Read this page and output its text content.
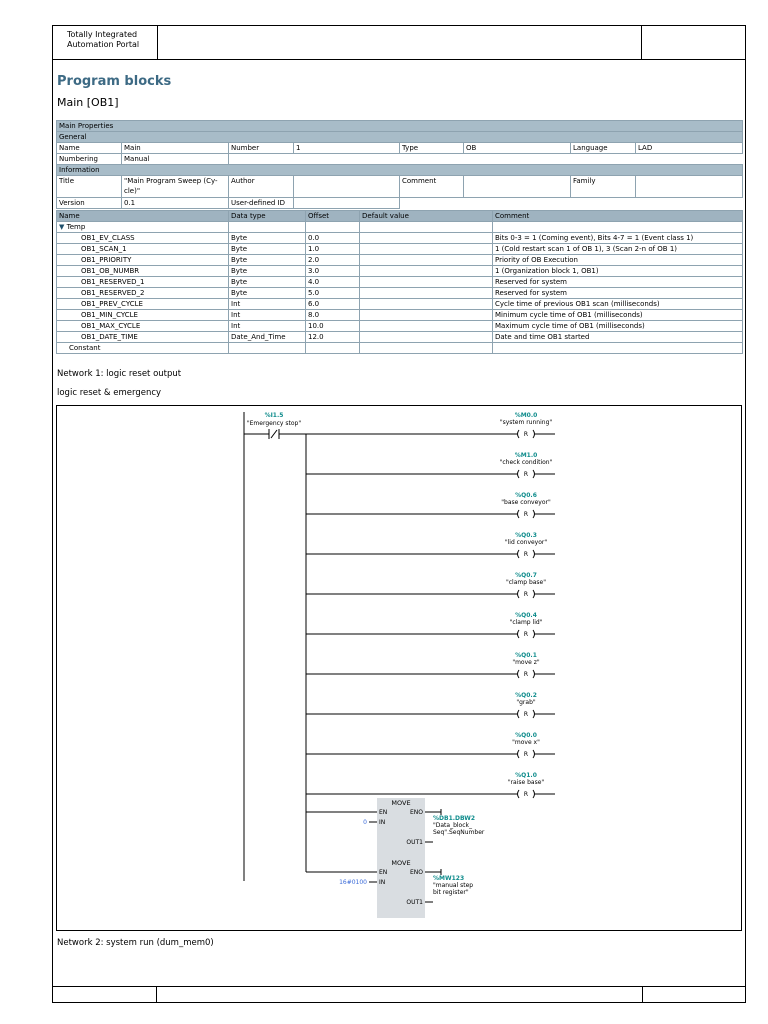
Totally Integrated
Automation Portal
Program blocks
Main [OB1]
Main Properties							
General							
Name	Main	Number	1	Type	OB	Language	LAD
Numbering	Manual						
Information							
Title	"Main Program Sweep (Cy-
cle)"	Author		Comment		Family	
Version	0.1	User-defined ID					
Name	Data type	Offset	Default value	Comment
▼ Temp				
OB1_EV_CLASS	Byte	0.0		Bits 0-3 = 1 (Coming event), Bits 4-7 = 1 (Event class 1)
OB1_SCAN_1	Byte	1.0		1 (Cold restart scan 1 of OB 1), 3 (Scan 2-n of OB 1)
OB1_PRIORITY	Byte	2.0		Priority of OB Execution
OB1_OB_NUMBR	Byte	3.0		1 (Organization block 1, OB1)
OB1_RESERVED_1	Byte	4.0		Reserved for system
OB1_RESERVED_2	Byte	5.0		Reserved for system
OB1_PREV_CYCLE	Int	6.0		Cycle time of previous OB1 scan (milliseconds)
OB1_MIN_CYCLE	Int	8.0		Minimum cycle time of OB1 (milliseconds)
OB1_MAX_CYCLE	Int	10.0		Maximum cycle time of OB1 (milliseconds)
OB1_DATE_TIME	Date_And_Time	12.0		Date and time OB1 started
Constant				
Network 1: logic reset output
logic reset & emergency
%I1.5
"Emergency stop"
%M0.0
"system running"
R
%M1.0
"check condition"
R
%Q0.6
"base conveyor"
R
%Q0.3
"lid conveyor"
R
%Q0.7
"clamp base"
R
%Q0.4
"clamp lid"
R
%Q0.1
"move z"
R
%Q0.2
"grab"
R
%Q0.0
"move x"
R
%Q1.0
"raise base"
R
MOVE
EN	ENO
IN
0
OUT1
%DB1.DBW2
"Data_block_
Seq".SeqNumber
MOVE
EN	ENO
IN
16#0100
OUT1
%MW123
"manual step
bit register"
Network 2: system run (dum_mem0)
